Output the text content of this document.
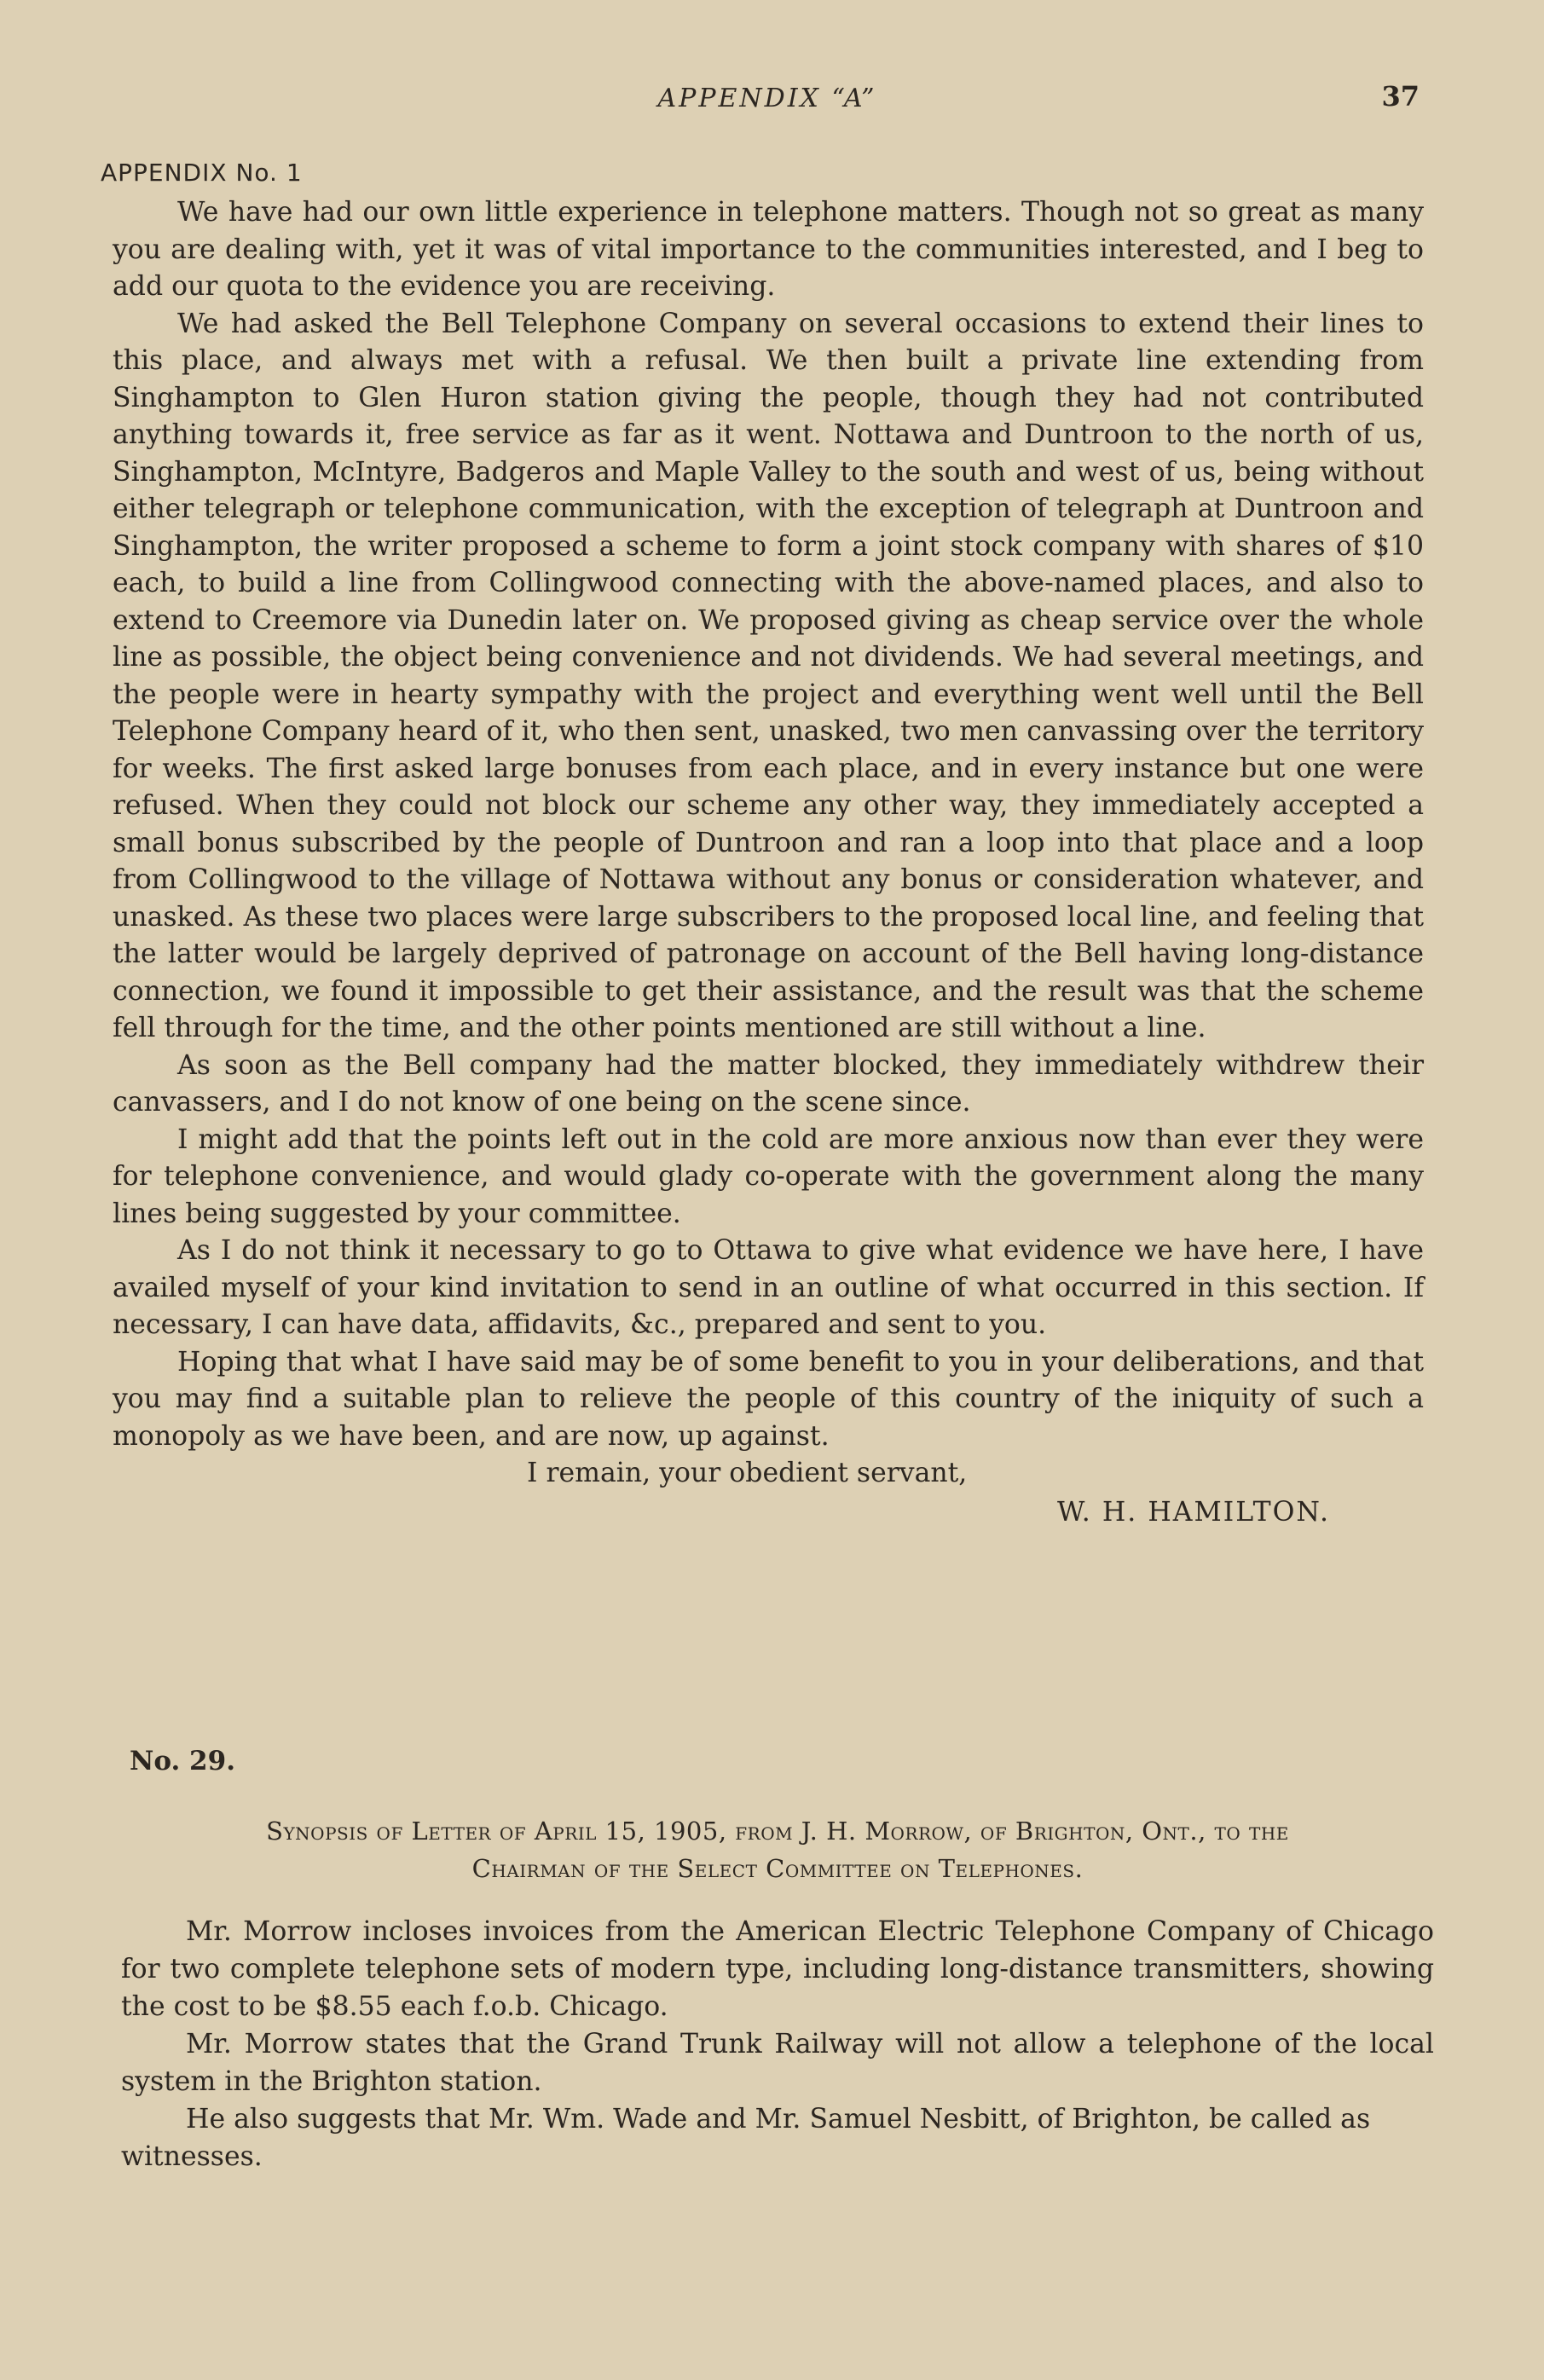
APPENDIX “A”	37
APPENDIX No. 1

We have had our own little experience in telephone matters. Though not so great as many you are dealing with, yet it was of vital importance to the communities interested, and I beg to add our quota to the evidence you are receiving.

We had asked the Bell Telephone Company on several occasions to extend their lines to this place, and always met with a refusal. We then built a private line extending from Singhampton to Glen Huron station giving the people, though they had not contributed anything towards it, free service as far as it went. Nottawa and Duntroon to the north of us, Singhampton, McIntyre, Badgeros and Maple Valley to the south and west of us, being without either telegraph or telephone communication, with the exception of telegraph at Duntroon and Singhampton, the writer proposed a scheme to form a joint stock company with shares of $10 each, to build a line from Collingwood connecting with the above-named places, and also to extend to Creemore via Dunedin later on. We proposed giving as cheap service over the whole line as possible, the object being convenience and not dividends. We had several meetings, and the people were in hearty sympathy with the project and everything went well until the Bell Telephone Company heard of it, who then sent, unasked, two men canvassing over the territory for weeks. The first asked large bonuses from each place, and in every instance but one were refused. When they could not block our scheme any other way, they immediately accepted a small bonus subscribed by the people of Duntroon and ran a loop into that place and a loop from Collingwood to the village of Nottawa without any bonus or consideration whatever, and unasked. As these two places were large subscribers to the proposed local line, and feeling that the latter would be largely deprived of patronage on account of the Bell having long-distance connection, we found it impossible to get their assistance, and the result was that the scheme fell through for the time, and the other points mentioned are still without a line.

As soon as the Bell company had the matter blocked, they immediately withdrew their canvassers, and I do not know of one being on the scene since.

I might add that the points left out in the cold are more anxious now than ever they were for telephone convenience, and would glady co-operate with the government along the many lines being suggested by your committee.

As I do not think it necessary to go to Ottawa to give what evidence we have here, I have availed myself of your kind invitation to send in an outline of what occurred in this section. If necessary, I can have data, affidavits, &c., prepared and sent to you.

Hoping that what I have said may be of some benefit to you in your deliberations, and that you may find a suitable plan to relieve the people of this country of the iniquity of such a monopoly as we have been, and are now, up against.

I remain, your obedient servant,

W. H. HAMILTON.

No. 29.
Synopsis of Letter of April 15, 1905, from J. H. Morrow, of Brighton, Ont., to the
Chairman of the Select Committee on Telephones.

Mr. Morrow incloses invoices from the American Electric Telephone Company of Chicago for two complete telephone sets of modern type, including long-distance transmitters, showing the cost to be $8.55 each f.o.b. Chicago.

Mr. Morrow states that the Grand Trunk Railway will not allow a telephone of the local system in the Brighton station.

He also suggests that Mr. Wm. Wade and Mr. Samuel Nesbitt, of Brighton, be called as witnesses.
